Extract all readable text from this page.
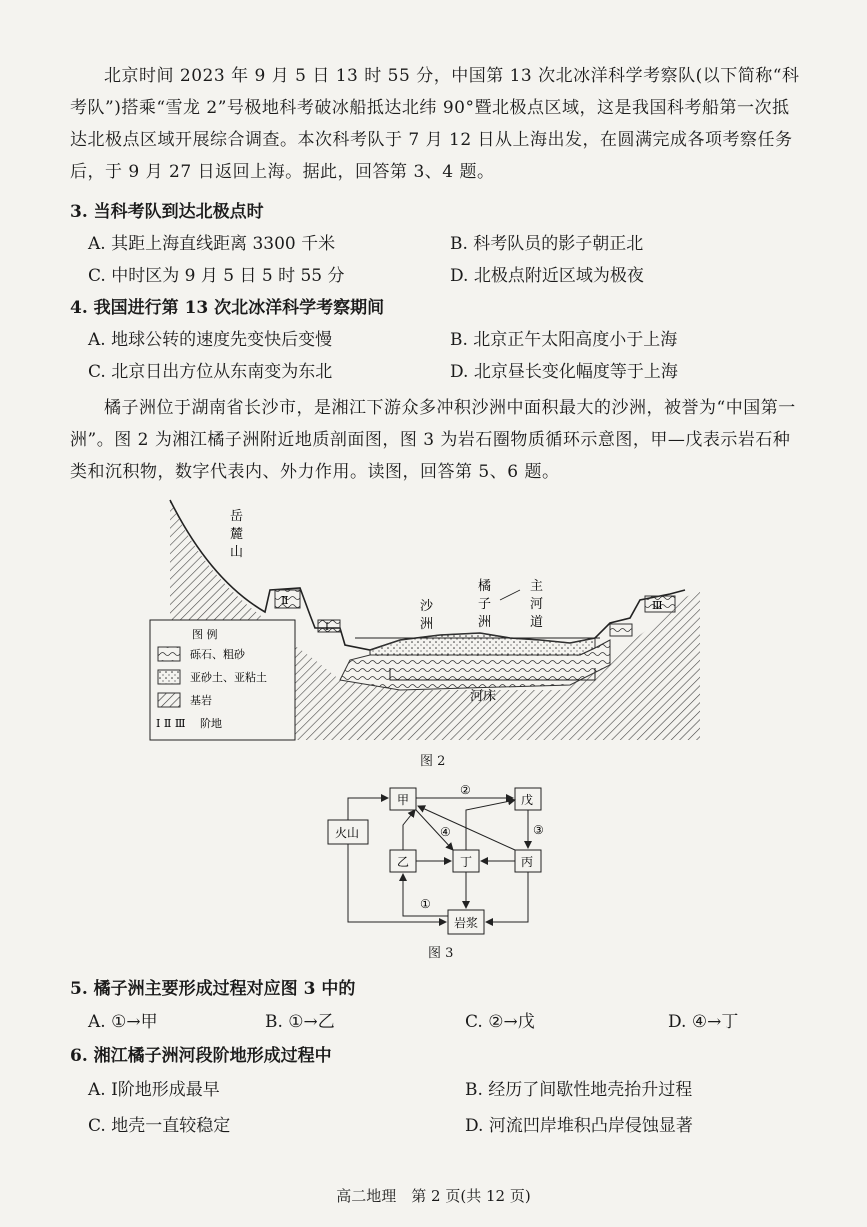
北京时间 2023 年 9 月 5 日 13 时 55 分，中国第 13 次北冰洋科学考察队(以下简称“科考队”)搭乘“雪龙 2”号极地科考破冰船抵达北纬 90°暨北极点区域，这是我国科考船第一次抵达北极点区域开展综合调查。本次科考队于 7 月 12 日从上海出发，在圆满完成各项考察任务后，于 9 月 27 日返回上海。据此，回答第 3、4 题。
3. 当科考队到达北极点时
A. 其距上海直线距离 3300 千米	B. 科考队员的影子朝正北
C. 中时区为 9 月 5 日 5 时 55 分	D. 北极点附近区域为极夜
4. 我国进行第 13 次北冰洋科学考察期间
A. 地球公转的速度先变快后变慢	B. 北京正午太阳高度小于上海
C. 北京日出方位从东南变为东北	D. 北京昼长变化幅度等于上海
橘子洲位于湖南省长沙市，是湘江下游众多冲积沙洲中面积最大的沙洲，被誉为“中国第一洲”。图 2 为湘江橘子洲附近地质剖面图，图 3 为岩石圈物质循环示意图，甲—戊表示岩石种类和沉积物，数字代表内、外力作用。读图，回答第 5、6 题。
河床
岳
麓
山
沙
洲
橘
子
洲
主
河
道
Ⅱ
Ⅰ
Ⅲ
图 例
砾石、粗砂
亚砂土、亚粘土
基岩
Ⅰ Ⅱ Ⅲ 阶地
图 2
火山
甲	戊
乙	丁	丙
岩浆
②
④	③
①
图 3
5. 橘子洲主要形成过程对应图 3 中的
A. ①→甲	B. ①→乙	C. ②→戊	D. ④→丁
6. 湘江橘子洲河段阶地形成过程中
A. Ⅰ阶地形成最早	B. 经历了间歇性地壳抬升过程
C. 地壳一直较稳定	D. 河流凹岸堆积凸岸侵蚀显著
高二地理　第 2 页(共 12 页)
